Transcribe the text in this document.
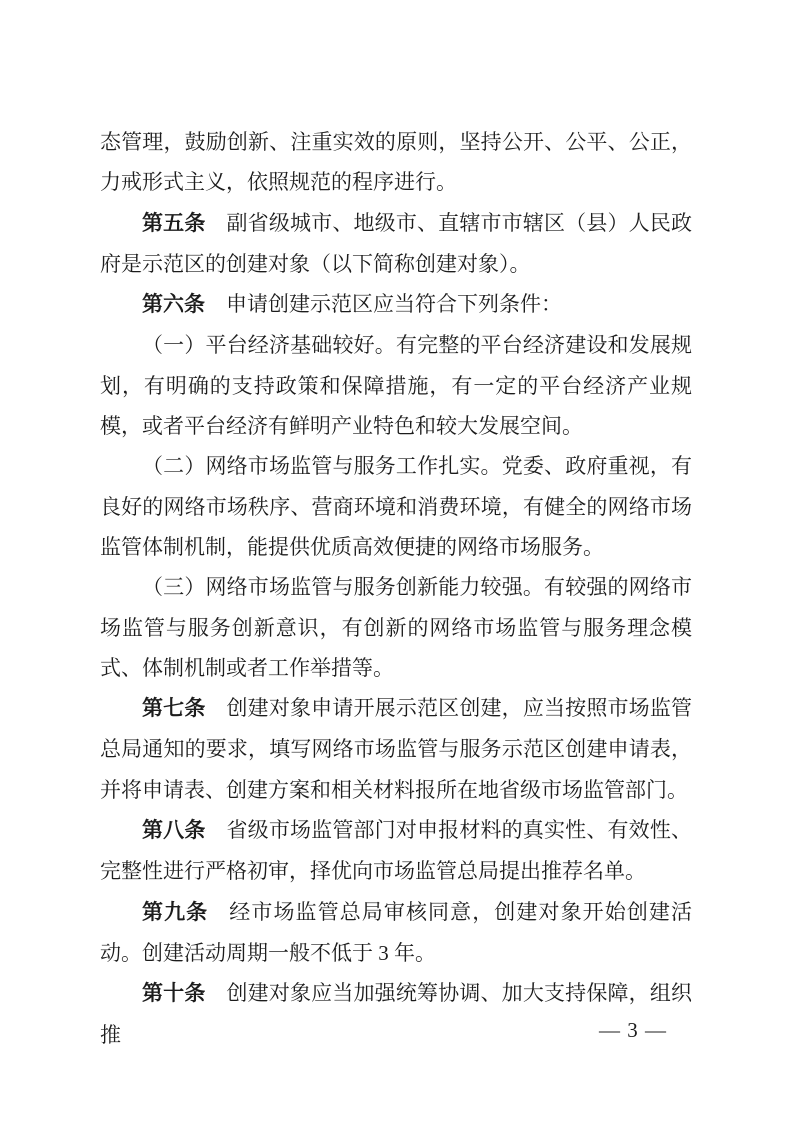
态管理，鼓励创新、注重实效的原则，坚持公开、公平、公正，力戒形式主义，依照规范的程序进行。

第五条 副省级城市、地级市、直辖市市辖区（县）人民政府是示范区的创建对象（以下简称创建对象）。

第六条 申请创建示范区应当符合下列条件：

（一）平台经济基础较好。有完整的平台经济建设和发展规划，有明确的支持政策和保障措施，有一定的平台经济产业规模，或者平台经济有鲜明产业特色和较大发展空间。

（二）网络市场监管与服务工作扎实。党委、政府重视，有良好的网络市场秩序、营商环境和消费环境，有健全的网络市场监管体制机制，能提供优质高效便捷的网络市场服务。

（三）网络市场监管与服务创新能力较强。有较强的网络市场监管与服务创新意识，有创新的网络市场监管与服务理念模式、体制机制或者工作举措等。

第七条 创建对象申请开展示范区创建，应当按照市场监管总局通知的要求，填写网络市场监管与服务示范区创建申请表，并将申请表、创建方案和相关材料报所在地省级市场监管部门。

第八条 省级市场监管部门对申报材料的真实性、有效性、完整性进行严格初审，择优向市场监管总局提出推荐名单。

第九条 经市场监管总局审核同意，创建对象开始创建活动。创建活动周期一般不低于 3 年。

第十条 创建对象应当加强统筹协调、加大支持保障，组织推	— 3 —
